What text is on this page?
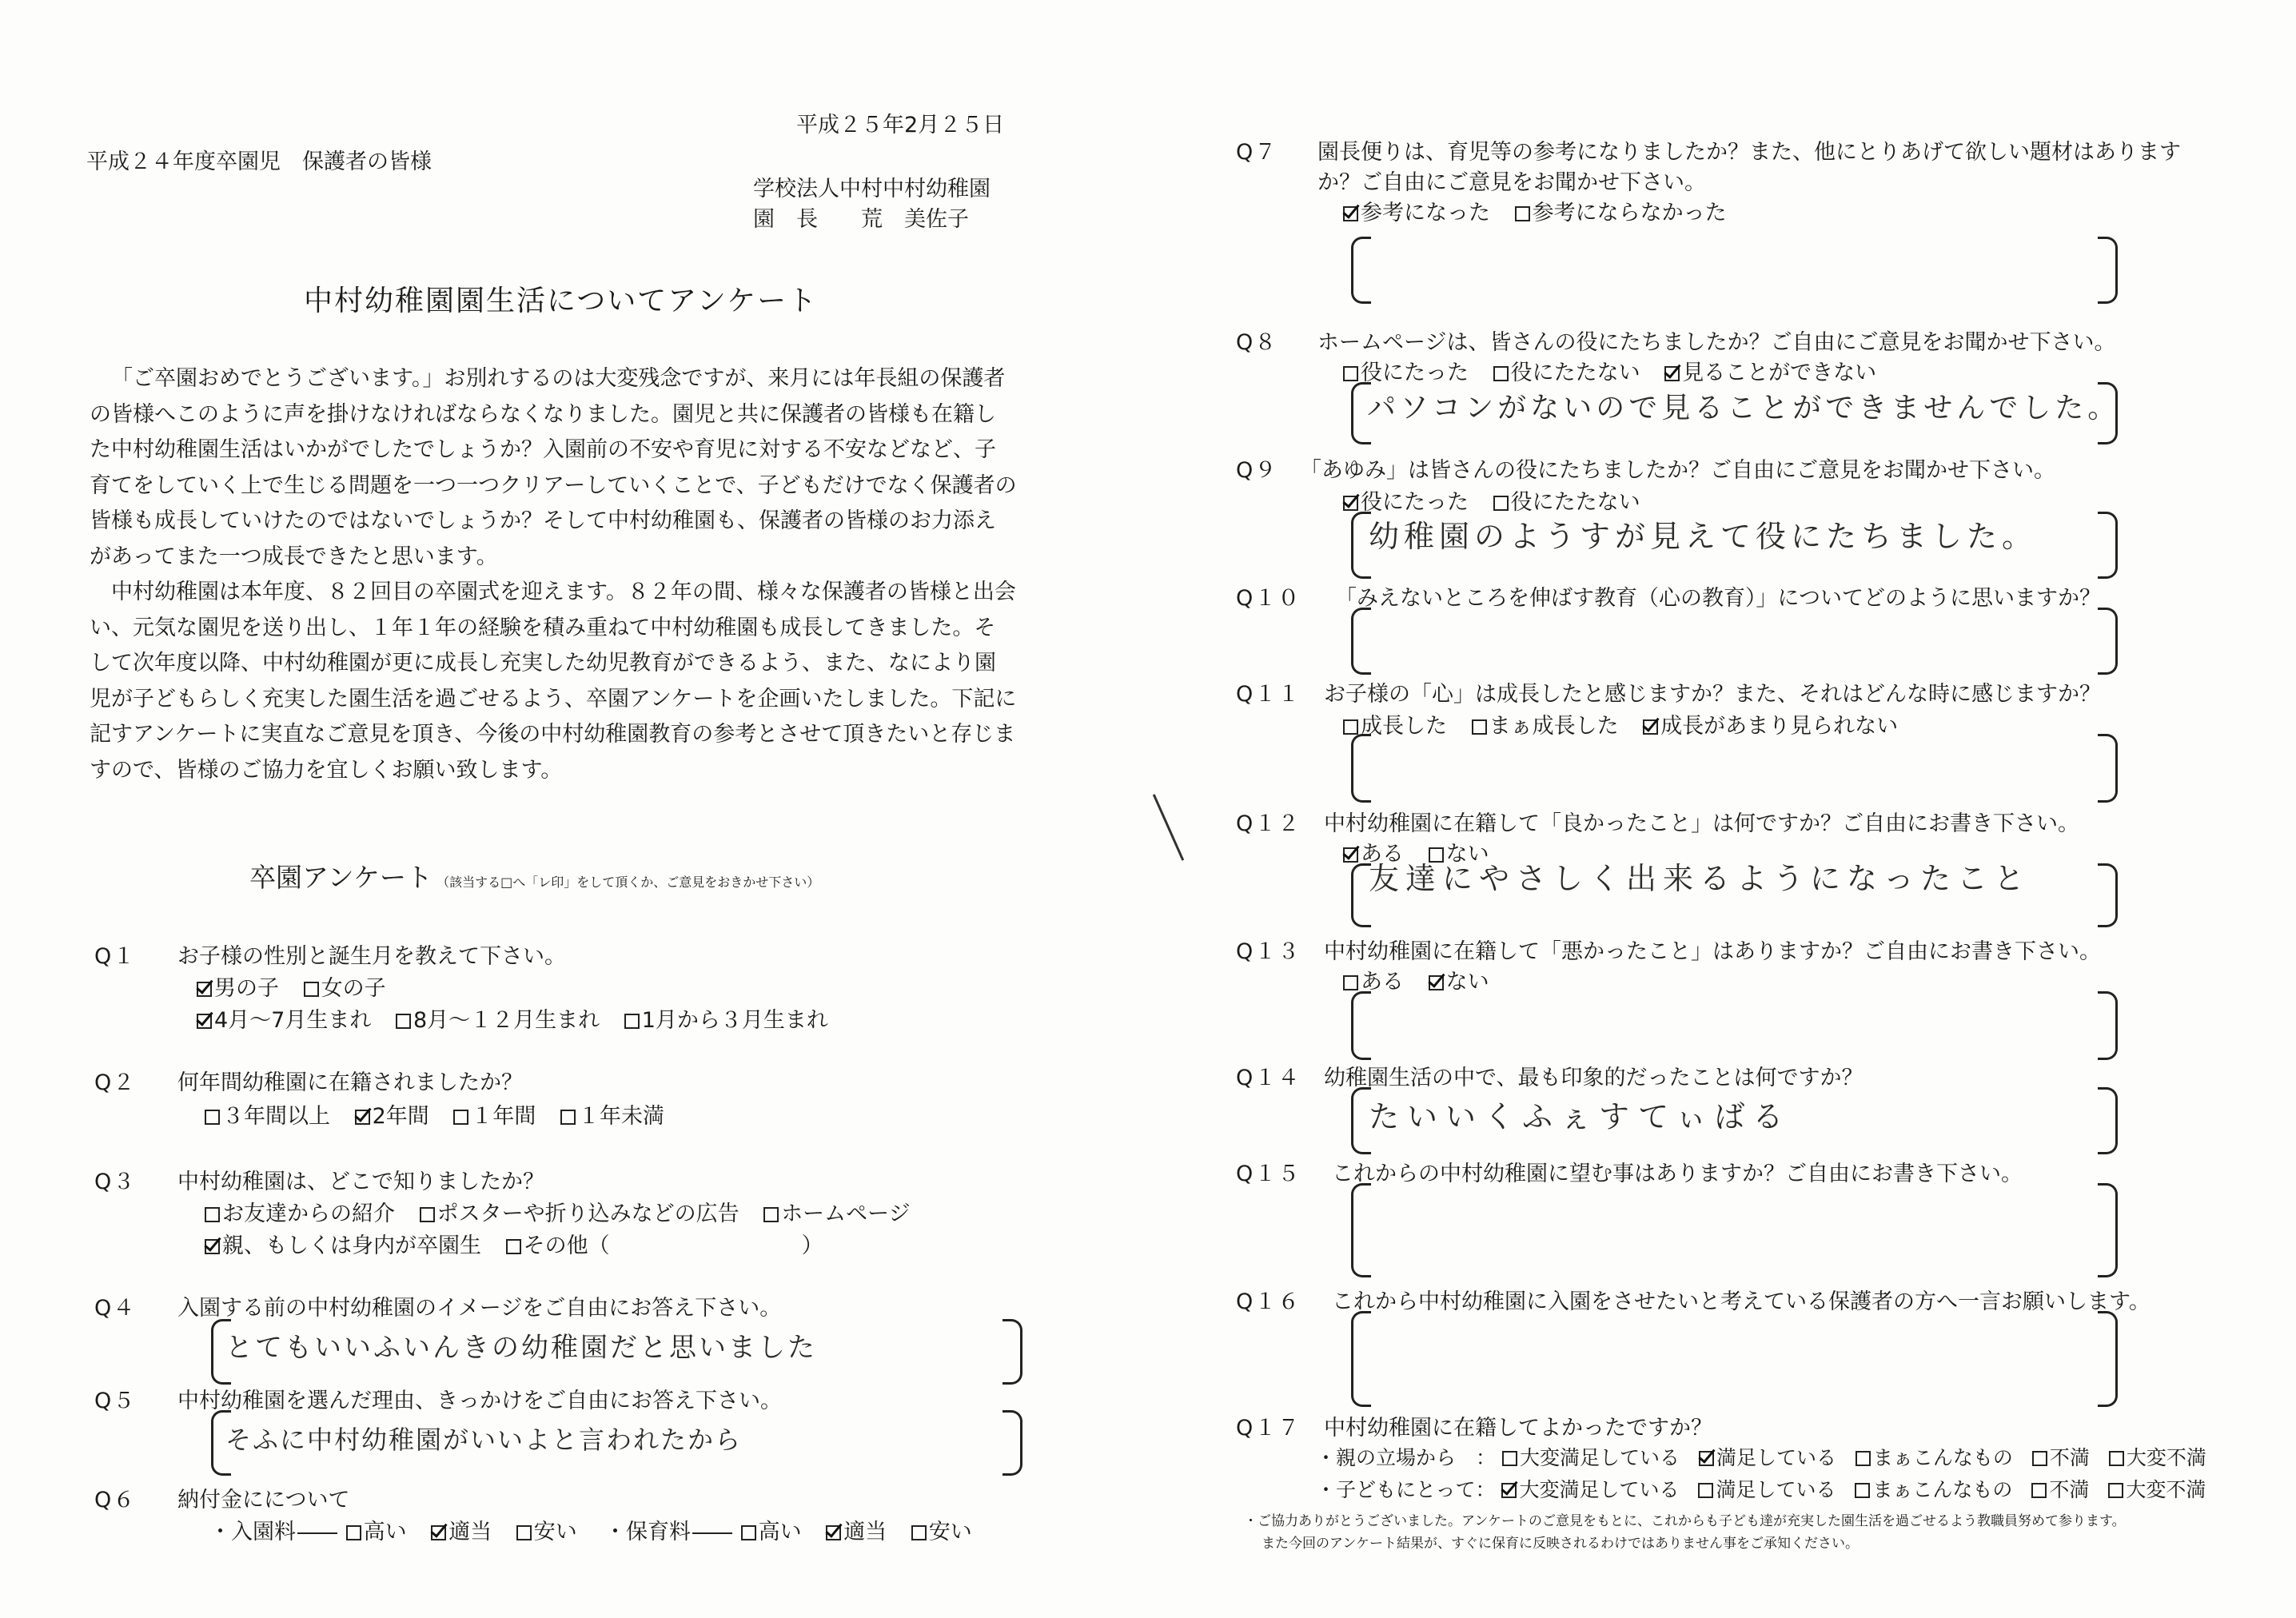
平成２５年2月２５日
平成２４年度卒園児　保護者の皆様
学校法人中村中村幼稚園
園　長　　荒　美佐子
中村幼稚園園生活についてアンケート

「ご卒園おめでとうございます。」お別れするのは大変残念ですが、来月には年長組の保護者の皆様へこのように声を掛けなければならなくなりました。園児と共に保護者の皆様も在籍した中村幼稚園生活はいかがでしたでしょうか？入園前の不安や育児に対する不安などなど、子育てをしていく上で生じる問題を一つ一つクリアーしていくことで、子どもだけでなく保護者の皆様も成長していけたのではないでしょうか？そして中村幼稚園も、保護者の皆様のお力添えがあってまた一つ成長できたと思います。

中村幼稚園は本年度、８２回目の卒園式を迎えます。８２年の間、様々な保護者の皆様と出会い、元気な園児を送り出し、１年１年の経験を積み重ねて中村幼稚園も成長してきました。そして次年度以降、中村幼稚園が更に成長し充実した幼児教育ができるよう、また、なにより園児が子どもらしく充実した園生活を過ごせるよう、卒園アンケートを企画いたしました。下記に記すアンケートに実直なご意見を頂き、今後の中村幼稚園教育の参考とさせて頂きたいと存じますので、皆様のご協力を宜しくお願い致します。

卒園アンケート （該当する□へ「レ印」をして頂くか、ご意見をおきかせ下さい）
Q１ お子様の性別と誕生月を教えて下さい。
男の子 女の子
4月～7月生まれ 8月～１２月生まれ 1月から３月生まれ
Q２ 何年間幼稚園に在籍されましたか？
３年間以上 2年間 １年間 １年未満
Q３ 中村幼稚園は、どこで知りましたか？
お友達からの紹介 ポスターや折り込みなどの広告 ホームページ
親、もしくは身内が卒園生 その他（	）
Q４ 入園する前の中村幼稚園のイメージをご自由にお答え下さい。
とてもいいふいんきの幼稚園だと思いました
Q５ 中村幼稚園を選んだ理由、きっかけをご自由にお答え下さい。
そふに中村幼稚園がいいよと言われたから
Q６ 納付金にについて
・入園料	高い 適当 安い	・保育料	高い 適当 安い
Q７ 園長便りは、育児等の参考になりましたか？また、他にとりあげて欲しい題材はあります
か？ご自由にご意見をお聞かせ下さい。
参考になった 参考にならなかった
Q８ ホームページは、皆さんの役にたちましたか？ご自由にご意見をお聞かせ下さい。
役にたった 役にたたない 見ることができない
パソコンがないので見ることができませんでした。
Q９ 「あゆみ」は皆さんの役にたちましたか？ご自由にご意見をお聞かせ下さい。
役にたった 役にたたない
幼稚園のようすが見えて役にたちました。
Q１０ 「みえないところを伸ばす教育（心の教育）」についてどのように思いますか？
Q１１ お子様の「心」は成長したと感じますか？また、それはどんな時に感じますか？
成長した まぁ成長した 成長があまり見られない
Q１２ 中村幼稚園に在籍して「良かったこと」は何ですか？ご自由にお書き下さい。
ある ない
友達にやさしく出来るようになったこと
Q１３ 中村幼稚園に在籍して「悪かったこと」はありますか？ご自由にお書き下さい。
ある ない
Q１４ 幼稚園生活の中で、最も印象的だったことは何ですか？
たいいくふぇすてぃばる
Q１５ これからの中村幼稚園に望む事はありますか？ご自由にお書き下さい。
Q１６ これから中村幼稚園に入園をさせたいと考えている保護者の方へ一言お願いします。
Q１７ 中村幼稚園に在籍してよかったですか？
・親の立場から　： 大変満足している 満足している まぁこんなもの 不満 大変不満
・子どもにとって： 大変満足している 満足している まぁこんなもの 不満 大変不満
・ご協力ありがとうございました。アンケートのご意見をもとに、これからも子ども達が充実した園生活を過ごせるよう教職員努めて参ります。
また今回のアンケート結果が、すぐに保育に反映されるわけではありません事をご承知ください。
